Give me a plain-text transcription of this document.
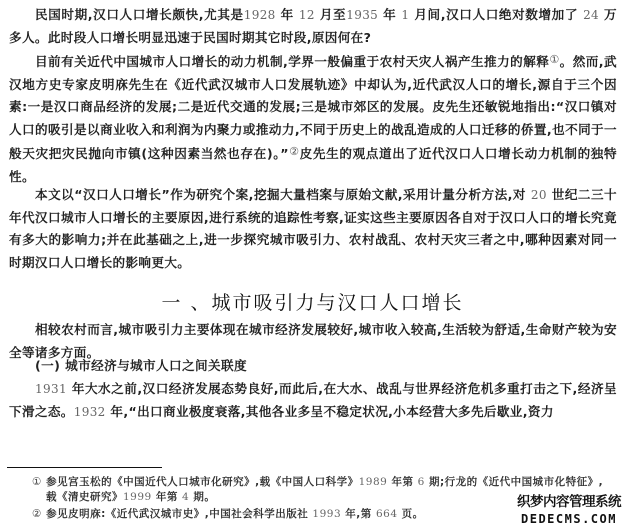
民国时期,汉口人口增长颇快,尤其是1928 年 12 月至1935 年 1 月间,汉口人口绝对数增加了 24 万多人。此时段人口增长明显迅速于民国时期其它时段,原因何在?

目前有关近代中国城市人口增长的动力机制,学界一般偏重于农村天灾人祸产生推力的解释①。然而,武汉地方史专家皮明庥先生在《近代武汉城市人口发展轨迹》中却认为,近代武汉人口的增长,源自于三个因素:一是汉口商品经济的发展;二是近代交通的发展;三是城市郊区的发展。皮先生还敏锐地指出:“汉口镇对人口的吸引是以商业收入和利润为内聚力或推动力,不同于历史上的战乱造成的人口迁移的侨置,也不同于一般天灾把灾民抛向市镇(这种因素当然也存在)。”②皮先生的观点道出了近代汉口人口增长动力机制的独特性。

本文以“汉口人口增长”作为研究个案,挖掘大量档案与原始文献,采用计量分析方法,对 20 世纪二三十年代汉口城市人口增长的主要原因,进行系统的追踪性考察,证实这些主要原因各自对于汉口人口的增长究竟有多大的影响力;并在此基础之上,进一步探究城市吸引力、农村战乱、农村天灾三者之中,哪种因素对同一时期汉口人口增长的影响更大。

一 、城市吸引力与汉口人口增长

相较农村而言,城市吸引力主要体现在城市经济发展较好,城市收入较高,生活较为舒适,生命财产较为安全等诸多方面。

(一) 城市经济与城市人口之间关联度

1931 年大水之前,汉口经济发展态势良好,而此后,在大水、战乱与世界经济危机多重打击之下,经济呈下滑之态。1932 年,“出口商业极度衰落,其他各业多呈不稳定状况,小本经营大多先后歇业,资力

① 参见宫玉松的《中国近代人口城市化研究》,载《中国人口科学》1989 年第 6 期;行龙的《近代中国城市化特征》,
载《清史研究》1999 年第 4 期。
② 参见皮明庥:《近代武汉城市史》,中国社会科学出版社 1993 年,第 664 页。
织梦内容管理系统
DEDECMS.COM
